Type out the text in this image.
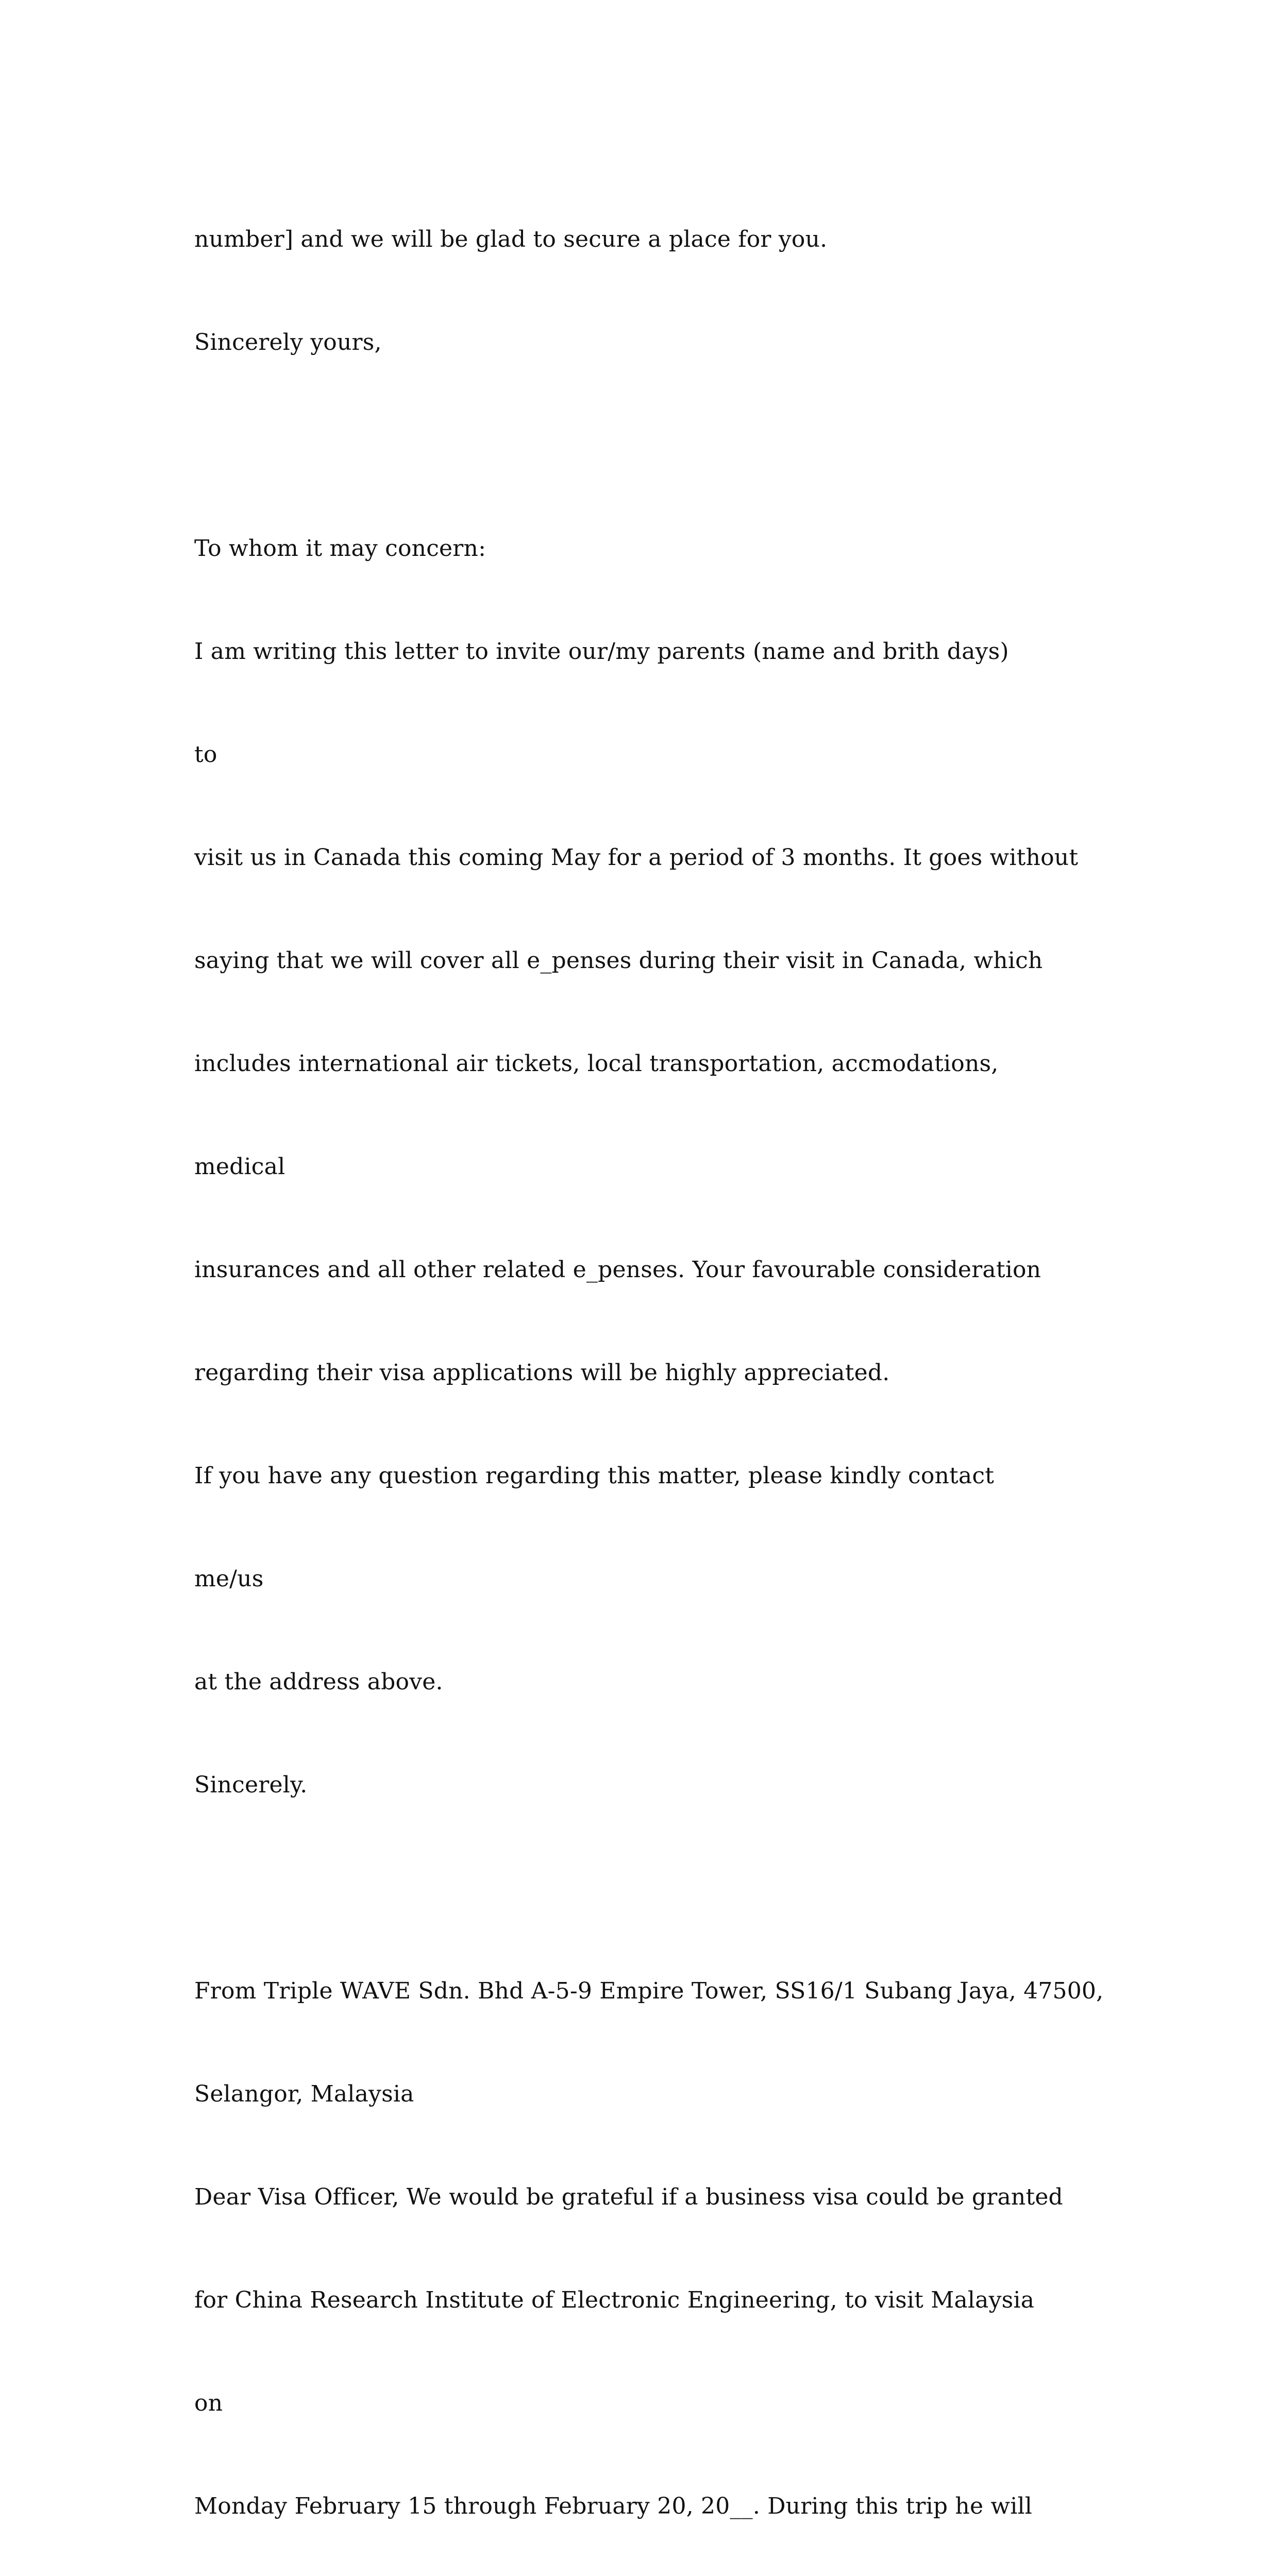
number] and we will be glad to secure a place for you.

Sincerely yours,

To whom it may concern:

I am writing this letter to invite our/my parents (name and brith days)

to

visit us in Canada this coming May for a period of 3 months. It goes without

saying that we will cover all e_penses during their visit in Canada, which

includes international air tickets, local transportation, accmodations,

medical

insurances and all other related e_penses. Your favourable consideration

regarding their visa applications will be highly appreciated.

If you have any question regarding this matter, please kindly contact

me/us

at the address above.

Sincerely.

From Triple WAVE Sdn. Bhd A-5-9 Empire Tower, SS16/1 Subang Jaya, 47500,

Selangor, Malaysia

Dear Visa Officer, We would be grateful if a business visa could be granted

for China Research Institute of Electronic Engineering, to visit Malaysia

on

Monday February 15 through February 20, 20__. During this trip he will
